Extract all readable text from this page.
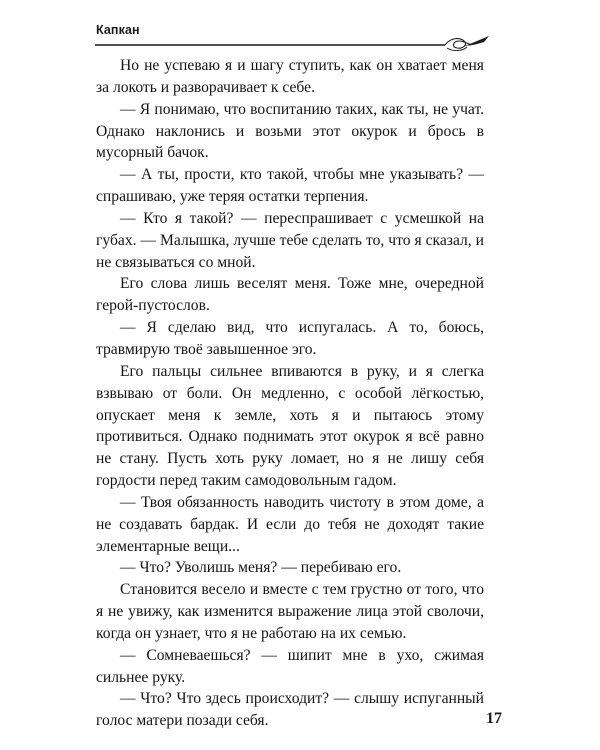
Капкан

Но не успеваю я и шагу ступить, как он хватает меня за локоть и разворачивает к себе.

— Я понимаю, что воспитанию таких, как ты, не учат. Однако наклонись и возьми этот окурок и брось в мусорный бачок.

— А ты, прости, кто такой, чтобы мне указывать? — спрашиваю, уже теряя остатки терпения.

— Кто я такой? — переспрашивает с усмешкой на губах. — Малышка, лучше тебе сделать то, что я сказал, и не связываться со мной.

Его слова лишь веселят меня. Тоже мне, очередной герой-пустослов.

— Я сделаю вид, что испугалась. А то, боюсь, травмирую твоё завышенное эго.

Его пальцы сильнее впиваются в руку, и я слегка взвываю от боли. Он медленно, с особой лёгкостью, опускает меня к земле, хоть я и пытаюсь этому противиться. Однако поднимать этот окурок я всё равно не стану. Пусть хоть руку ломает, но я не лишу себя гордости перед таким самодовольным гадом.

— Твоя обязанность наводить чистоту в этом доме, а не создавать бардак. И если до тебя не доходят такие элементарные вещи...

— Что? Уволишь меня? — перебиваю его.

Становится весело и вместе с тем грустно от того, что я не увижу, как изменится выражение лица этой сволочи, когда он узнает, что я не работаю на их семью.

— Сомневаешься? — шипит мне в ухо, сжимая сильнее руку.

— Что? Что здесь происходит? — слышу испуганный голос матери позади себя.	17
